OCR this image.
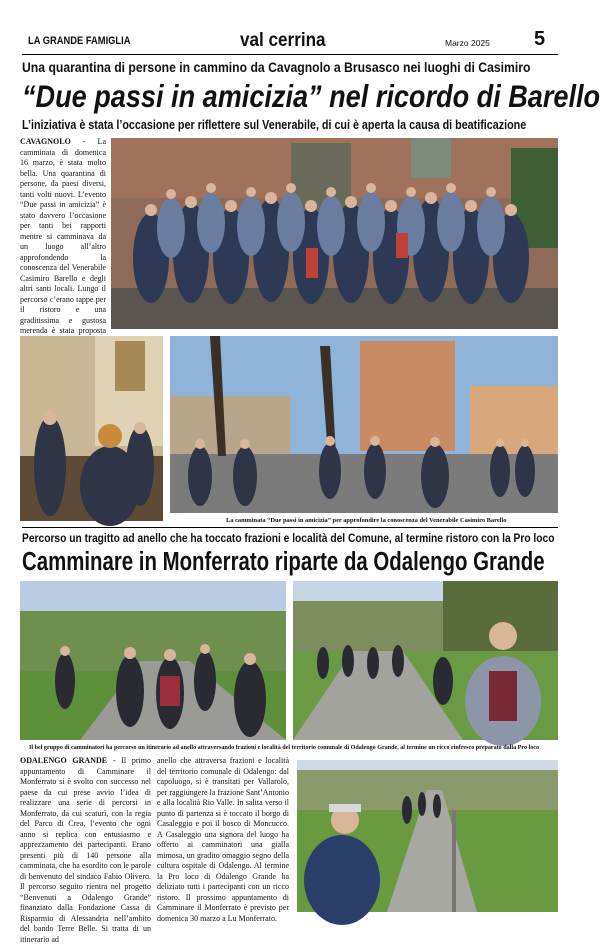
LA GRANDE FAMIGLIA	val cerrina	Marzo 2025 5
Una quarantina di persone in cammino da Cavagnolo a Brusasco nei luoghi di Casimiro
“Due passi in amicizia” nel ricordo di Barello
L’iniziativa è stata l’occasione per riflettere sul Venerabile, di cui è aperta la causa di beatificazione
CAVAGNOLO - La camminata di domenica 16 marzo, è stata molto bella. Una quarantina di persone, da paesi diversi, tanti volti nuovi. L’evento “Due passi in amicizia” è stato davvero l’occasione per tanti bei rapporti mentre si camminava da un luogo all’altro approfondendo la conoscenza del Venerabile Casimiro Barello e degli altri santi locali. Lungo il percorso c’erano tappe per il ristoro e una graditissima e gustosa merenda è stata proposta
La camminata “Due passi in amicizia” per approfondire la conoscenza del Venerabile Casimiro Barello
Percorso un tragitto ad anello che ha toccato frazioni e località del Comune, al termine ristoro con la Pro loco
Camminare in Monferrato riparte da Odalengo Grande
Il bel gruppo di camminatori ha percorso un itinerario ad anello attraversando frazioni e località del territorio comunale di Odalengo Grande, al termine un ricco rinfresco preparato dalla Pro loco
ODALENGO GRANDE - Il primo appuntamento di Camminare il Monferrato si è svolto con successo nel paese da cui prese avvio l’idea di realizzare una serie di percorsi in Monferrato, da cui scaturì, con la regia del Parco di Crea, l’evento che ogni anno si replica con entusiasmo e apprezzamento dei partecipanti. Erano presenti più di 140 persone alla camminata, che ha esordito con le parole di benvenuto del sindaco Fabio Olivero. Il percorso seguito rientra nel progetto “Benvenuti a Odalengo Grande” finanziato dalla Fondazione Cassa di Risparmio di Alessandria nell’ambito del bando Terre Belle. Si tratta di un itinerario ad
anello che attraversa frazioni e località del territorio comunale di Odalengo: dal capoluogo, si è transitati per Vallarolo, per raggiungere la frazione Sant’Antonio e alla località Rio Valle. In salita verso il punto di partenza si è toccato il borgo di Casaleggio e poi il bosco di Moncucco. A Casaleggio una signora del luogo ha offerto ai camminatori una gialla mimosa, un gradito omaggio segno della cultura ospitale di Odalengo. Al termine la Pro loco di Odalengo Grande ha deliziato tutti i partecipanti con un ricco ristoro. Il prossimo appuntamento di Camminare il Monferrato è previsto per domenica 30 marzo a Lu Monferrato.
